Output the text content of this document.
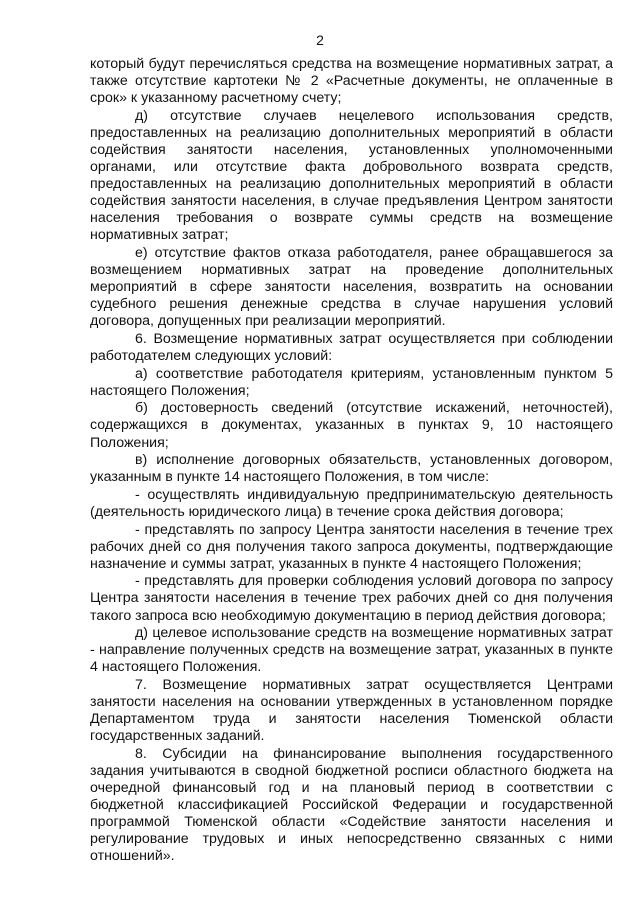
2

который будут перечисляться средства на возмещение нормативных затрат, а также отсутствие картотеки № 2 «Расчетные документы, не оплаченные в срок» к указанному расчетному счету;

д) отсутствие случаев нецелевого использования средств, предоставленных на реализацию дополнительных мероприятий в области содействия занятости населения, установленных уполномоченными органами, или отсутствие факта добровольного возврата средств, предоставленных на реализацию дополнительных мероприятий в области содействия занятости населения, в случае предъявления Центром занятости населения требования о возврате суммы средств на возмещение нормативных затрат;

е) отсутствие фактов отказа работодателя, ранее обращавшегося за возмещением нормативных затрат на проведение дополнительных мероприятий в сфере занятости населения, возвратить на основании судебного решения денежные средства в случае нарушения условий договора, допущенных при реализации мероприятий.

6. Возмещение нормативных затрат осуществляется при соблюдении работодателем следующих условий:

а) соответствие работодателя критериям, установленным пунктом 5 настоящего Положения;

б) достоверность сведений (отсутствие искажений, неточностей), содержащихся в документах, указанных в пунктах 9, 10 настоящего Положения;

в) исполнение договорных обязательств, установленных договором, указанным в пункте 14 настоящего Положения, в том числе:

- осуществлять индивидуальную предпринимательскую деятельность (деятельность юридического лица) в течение срока действия договора;

- представлять по запросу Центра занятости населения в течение трех рабочих дней со дня получения такого запроса документы, подтверждающие назначение и суммы затрат, указанных в пункте 4 настоящего Положения;

- представлять для проверки соблюдения условий договора по запросу Центра занятости населения в течение трех рабочих дней со дня получения такого запроса всю необходимую документацию в период действия договора;

д) целевое использование средств на возмещение нормативных затрат - направление полученных средств на возмещение затрат, указанных в пункте 4 настоящего Положения.

7. Возмещение нормативных затрат осуществляется Центрами занятости населения на основании утвержденных в установленном порядке Департаментом труда и занятости населения Тюменской области государственных заданий.

8. Субсидии на финансирование выполнения государственного задания учитываются в сводной бюджетной росписи областного бюджета на очередной финансовый год и на плановый период в соответствии с бюджетной классификацией Российской Федерации и государственной программой Тюменской области «Содействие занятости населения и регулирование трудовых и иных непосредственно связанных с ними отношений».
